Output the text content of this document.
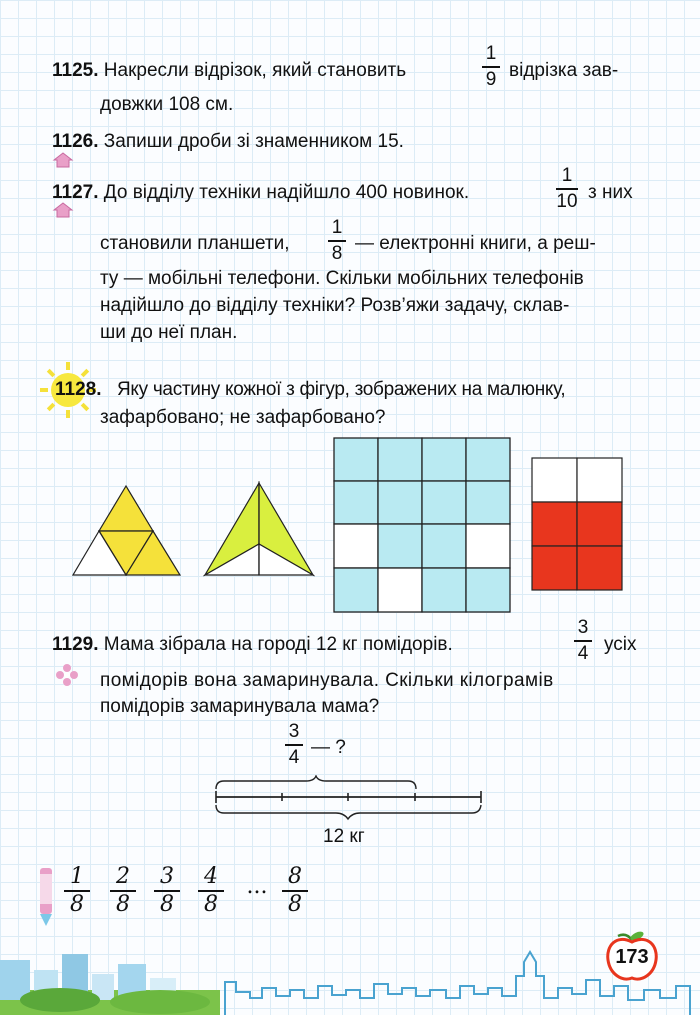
1125. Накресли відрізок, який становить
1
9 відрізка зав-
довжки 108 см.
1126. Запиши дроби зі знаменником 15.
1127. До відділу техніки надійшло 400 новинок.
1
10 з них
становили планшети,
1
8 — електронні книги, а реш-
ту — мобільні телефони. Скільки мобільних телефонів
надійшло до відділу техніки? Розв’яжи задачу, склав-
ши до неї план.
1128. Яку частину кожної з фігур, зображених на малюнку,
зафарбовано; не зафарбовано?
1129. Мама зібрала на городі 12 кг помідорів.
3
4 усіх
помідорів вона замаринувала. Скільки кілограмів
помідорів замаринувала мама?
3
4 — ?
12 кг
1
8
2
8
3
8
4
8
... 8
8
173
